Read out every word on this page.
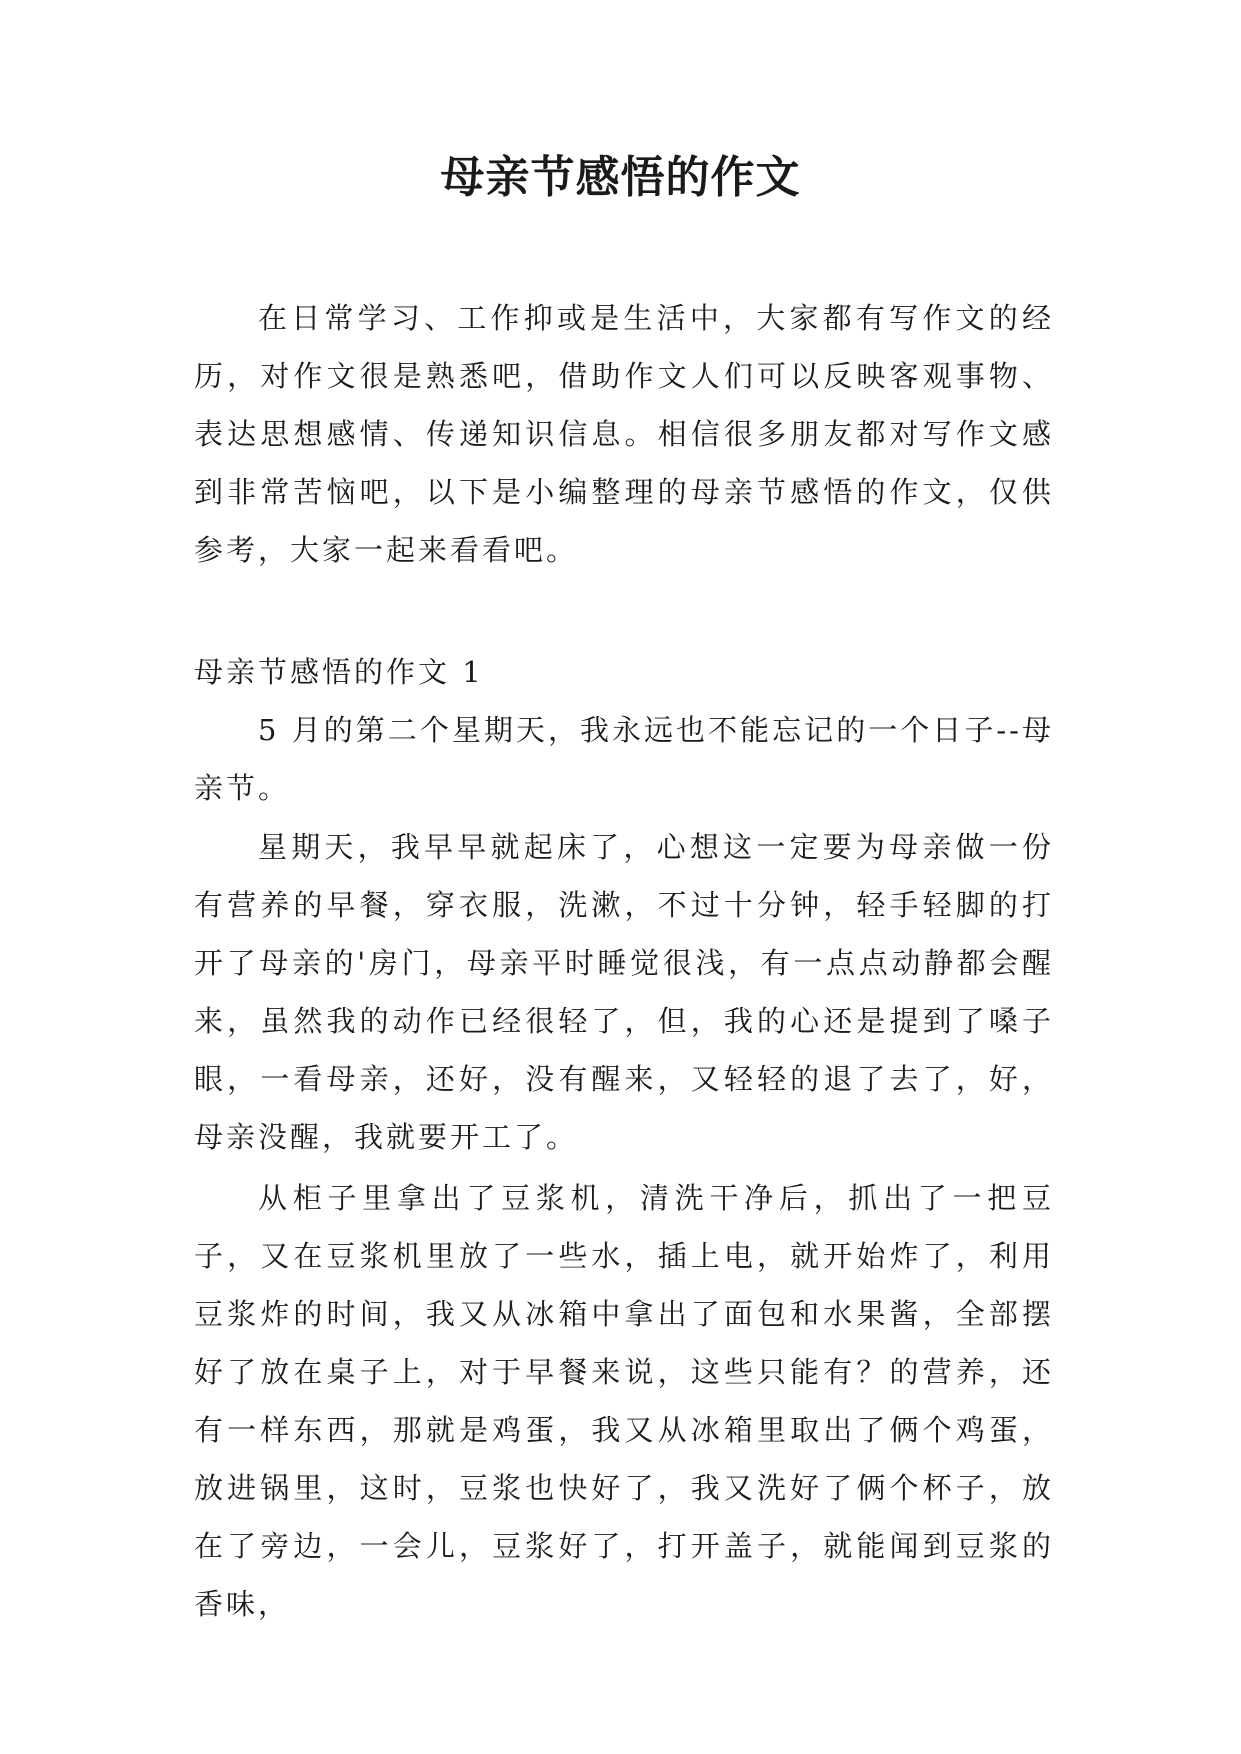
母亲节感悟的作文

在日常学习、工作抑或是生活中，大家都有写作文的经历，对作文很是熟悉吧，借助作文人们可以反映客观事物、表达思想感情、传递知识信息。相信很多朋友都对写作文感到非常苦恼吧，以下是小编整理的母亲节感悟的作文，仅供参考，大家一起来看看吧。

母亲节感悟的作文 1

5 月的第二个星期天，我永远也不能忘记的一个日子--母亲节。

星期天，我早早就起床了，心想这一定要为母亲做一份有营养的早餐，穿衣服，洗漱，不过十分钟，轻手轻脚的打开了母亲的'房门，母亲平时睡觉很浅，有一点点动静都会醒来，虽然我的动作已经很轻了，但，我的心还是提到了嗓子眼，一看母亲，还好，没有醒来，又轻轻的退了去了，好，母亲没醒，我就要开工了。

从柜子里拿出了豆浆机，清洗干净后，抓出了一把豆子，又在豆浆机里放了一些水，插上电，就开始炸了，利用豆浆炸的时间，我又从冰箱中拿出了面包和水果酱，全部摆好了放在桌子上，对于早餐来说，这些只能有？的营养，还有一样东西，那就是鸡蛋，我又从冰箱里取出了俩个鸡蛋，放进锅里，这时，豆浆也快好了，我又洗好了俩个杯子，放在了旁边，一会儿，豆浆好了，打开盖子，就能闻到豆浆的香味，
